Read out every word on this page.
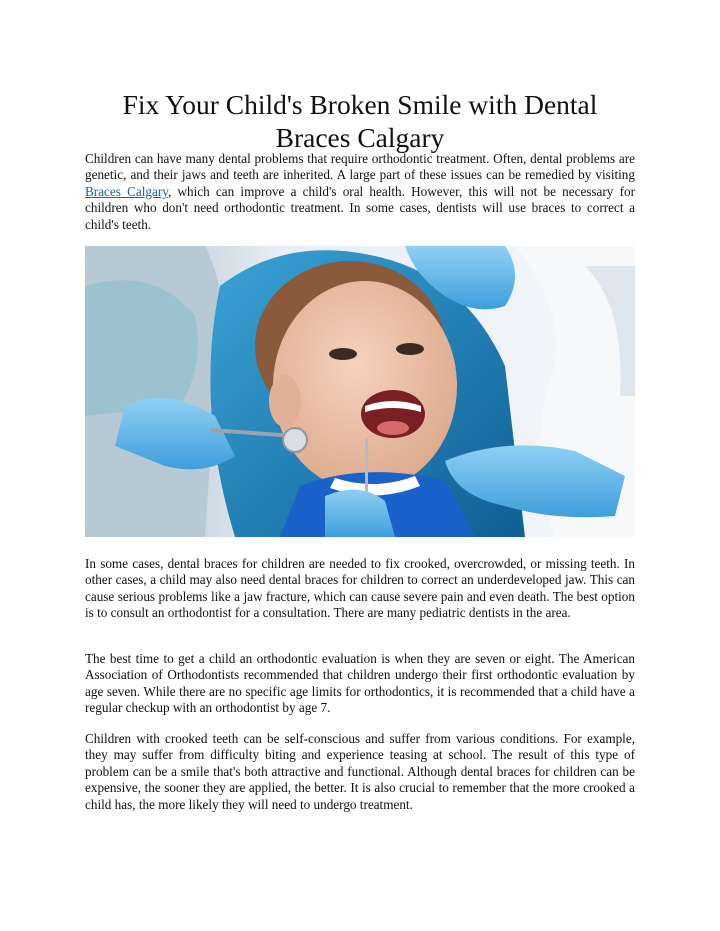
Fix Your Child's Broken Smile with Dental Braces Calgary

Children can have many dental problems that require orthodontic treatment. Often, dental problems are genetic, and their jaws and teeth are inherited. A large part of these issues can be remedied by visiting Braces Calgary, which can improve a child's oral health. However, this will not be necessary for children who don't need orthodontic treatment. In some cases, dentists will use braces to correct a child's teeth.

In some cases, dental braces for children are needed to fix crooked, overcrowded, or missing teeth. In other cases, a child may also need dental braces for children to correct an underdeveloped jaw. This can cause serious problems like a jaw fracture, which can cause severe pain and even death. The best option is to consult an orthodontist for a consultation. There are many pediatric dentists in the area.

The best time to get a child an orthodontic evaluation is when they are seven or eight. The American Association of Orthodontists recommended that children undergo their first orthodontic evaluation by age seven. While there are no specific age limits for orthodontics, it is recommended that a child have a regular checkup with an orthodontist by age 7.

Children with crooked teeth can be self-conscious and suffer from various conditions. For example, they may suffer from difficulty biting and experience teasing at school. The result of this type of problem can be a smile that's both attractive and functional. Although dental braces for children can be expensive, the sooner they are applied, the better. It is also crucial to remember that the more crooked a child has, the more likely they will need to undergo treatment.
